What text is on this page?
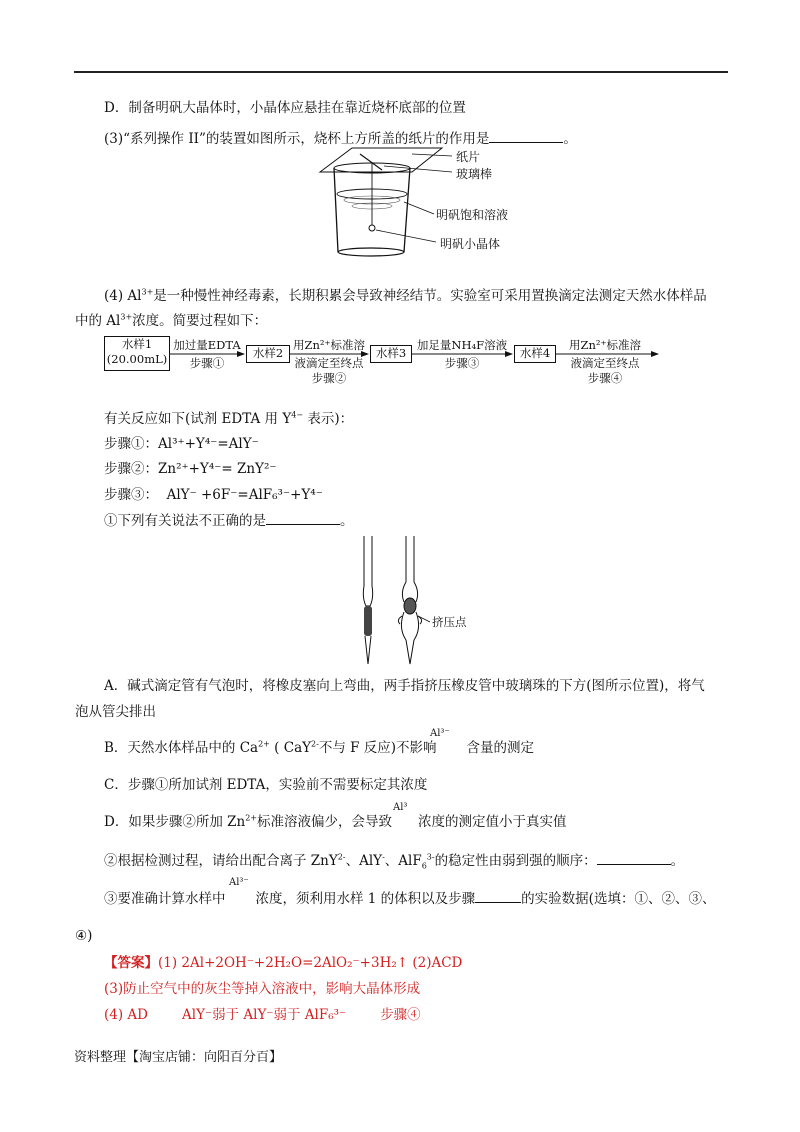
D．制备明矾大晶体时，小晶体应悬挂在靠近烧杯底部的位置
(3)“系列操作 II”的装置如图所示，烧杯上方所盖的纸片的作用是	。
纸片
玻璃棒
明矾饱和溶液
明矾小晶体
(4) $Al^{3+}$是一种慢性神经毒素，长期积累会导致神经结节。实验室可采用置换滴定法测定天然水体样品
中的 $Al^{3+}$浓度。简要过程如下：
水样1
(20.00mL)
加过量EDTA
步骤①
水样2
用Zn²⁺标准溶
液滴定至终点
步骤②
水样3
加足量NH₄F溶液
步骤③
水样4
用Zn²⁺标准溶
液滴定至终点
步骤④
有关反应如下(试剂 EDTA 用 $Y^{4-}$ 表示)：
步骤①：Al³⁺+Y⁴⁻=AlY⁻
步骤②：Zn²⁺+Y⁴⁻= ZnY²⁻
步骤③： AlY⁻ +6F⁻=AlF₆³⁻+Y⁴⁻
①下列有关说法不正确的是	。
挤压点
A．碱式滴定管有气泡时，将橡皮塞向上弯曲，两手指挤压橡皮管中玻璃珠的下方(图所示位置)，将气
泡从管尖排出
B．天然水体样品中的 $Ca^{2+}$ ( CaY$^{2-}$不与 F 反应)不影响 含量的测定
Al³⁻
C．步骤①所加试剂 EDTA，实验前不需要标定其浓度
D．如果步骤②所加 $Zn^{2+}$标准溶液偏少，会导致 浓度的测定值小于真实值
Al³
②根据检测过程，请给出配合离子 ZnY$^{2-}$、AlY-、AlF$_6^{3-}$的稳定性由弱到强的顺序：	。
③要准确计算水样中 浓度，须利用水样 1 的体积以及步骤	的实验数据(选填：①、②、③、
Al³⁻
④)
【答案】(1) 2Al+2OH⁻+2H₂O=2AlO₂⁻+3H₂↑ (2)ACD
(3)防止空气中的灰尘等掉入溶液中，影响大晶体形成
(4) AD	AlY⁻弱于 AlY⁻弱于 AlF₆³⁻	步骤④
资料整理【淘宝店铺：向阳百分百】
